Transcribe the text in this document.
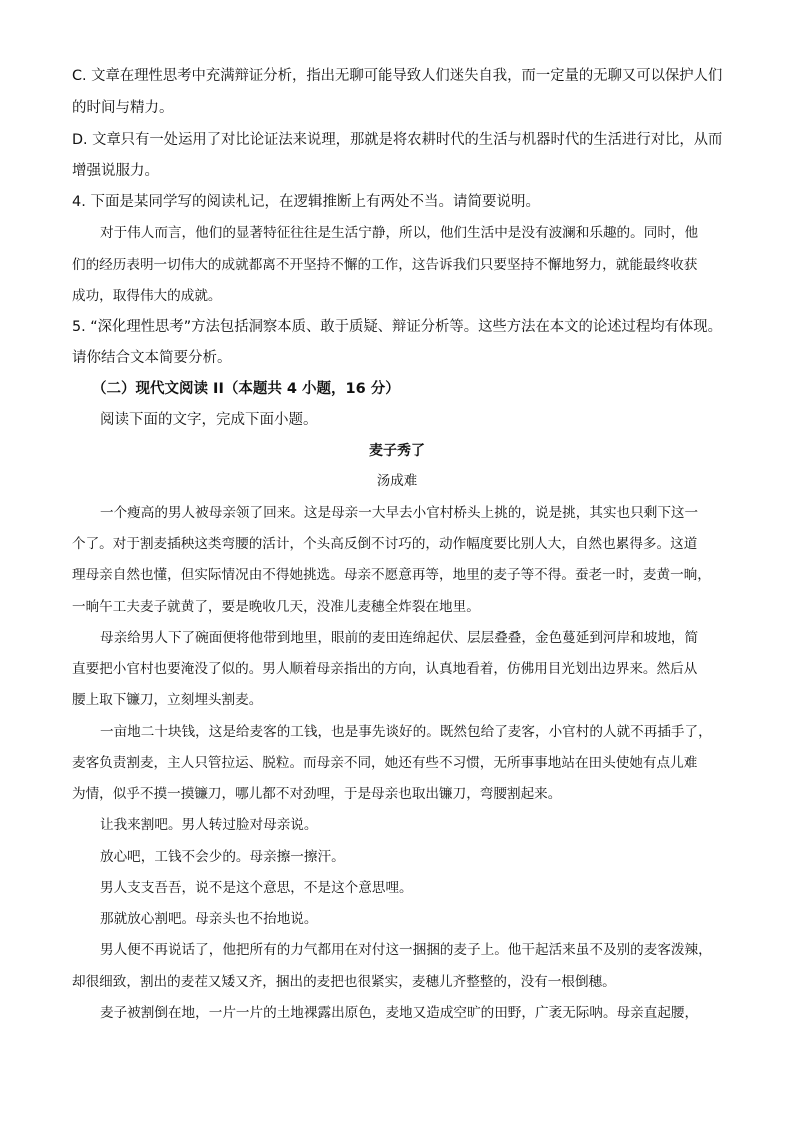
C. 文章在理性思考中充满辩证分析，指出无聊可能导致人们迷失自我，而一定量的无聊又可以保护人们
的时间与精力。
D. 文章只有一处运用了对比论证法来说理，那就是将农耕时代的生活与机器时代的生活进行对比，从而
增强说服力。
4. 下面是某同学写的阅读札记，在逻辑推断上有两处不当。请简要说明。
对于伟人而言，他们的显著特征往往是生活宁静，所以，他们生活中是没有波澜和乐趣的。同时，他
们的经历表明一切伟大的成就都离不开坚持不懈的工作，这告诉我们只要坚持不懈地努力，就能最终收获
成功，取得伟大的成就。
5. “深化理性思考”方法包括洞察本质、敢于质疑、辩证分析等。这些方法在本文的论述过程均有体现。
请你结合文本简要分析。
（二）现代文阅读 II（本题共 4 小题，16 分）
阅读下面的文字，完成下面小题。
麦子秀了
汤成难
一个瘦高的男人被母亲领了回来。这是母亲一大早去小官村桥头上挑的，说是挑，其实也只剩下这一
个了。对于割麦插秧这类弯腰的活计，个头高反倒不讨巧的，动作幅度要比别人大，自然也累得多。这道
理母亲自然也懂，但实际情况由不得她挑选。母亲不愿意再等，地里的麦子等不得。蚕老一时，麦黄一晌，
一晌午工夫麦子就黄了，要是晚收几天，没准儿麦穗全炸裂在地里。
母亲给男人下了碗面便将他带到地里，眼前的麦田连绵起伏、层层叠叠，金色蔓延到河岸和坡地，简
直要把小官村也要淹没了似的。男人顺着母亲指出的方向，认真地看着，仿佛用目光划出边界来。然后从
腰上取下镰刀，立刻埋头割麦。
一亩地二十块钱，这是给麦客的工钱，也是事先谈好的。既然包给了麦客，小官村的人就不再插手了，
麦客负责割麦，主人只管拉运、脱粒。而母亲不同，她还有些不习惯，无所事事地站在田头使她有点儿难
为情，似乎不摸一摸镰刀，哪儿都不对劲哩，于是母亲也取出镰刀，弯腰割起来。
让我来割吧。男人转过脸对母亲说。
放心吧，工钱不会少的。母亲擦一擦汗。
男人支支吾吾，说不是这个意思，不是这个意思哩。
那就放心割吧。母亲头也不抬地说。
男人便不再说话了，他把所有的力气都用在对付这一捆捆的麦子上。他干起活来虽不及别的麦客泼辣，
却很细致，割出的麦茬又矮又齐，捆出的麦把也很紧实，麦穗儿齐整整的，没有一根倒穗。
麦子被割倒在地，一片一片的土地裸露出原色，麦地又造成空旷的田野，广袤无际呐。母亲直起腰，
